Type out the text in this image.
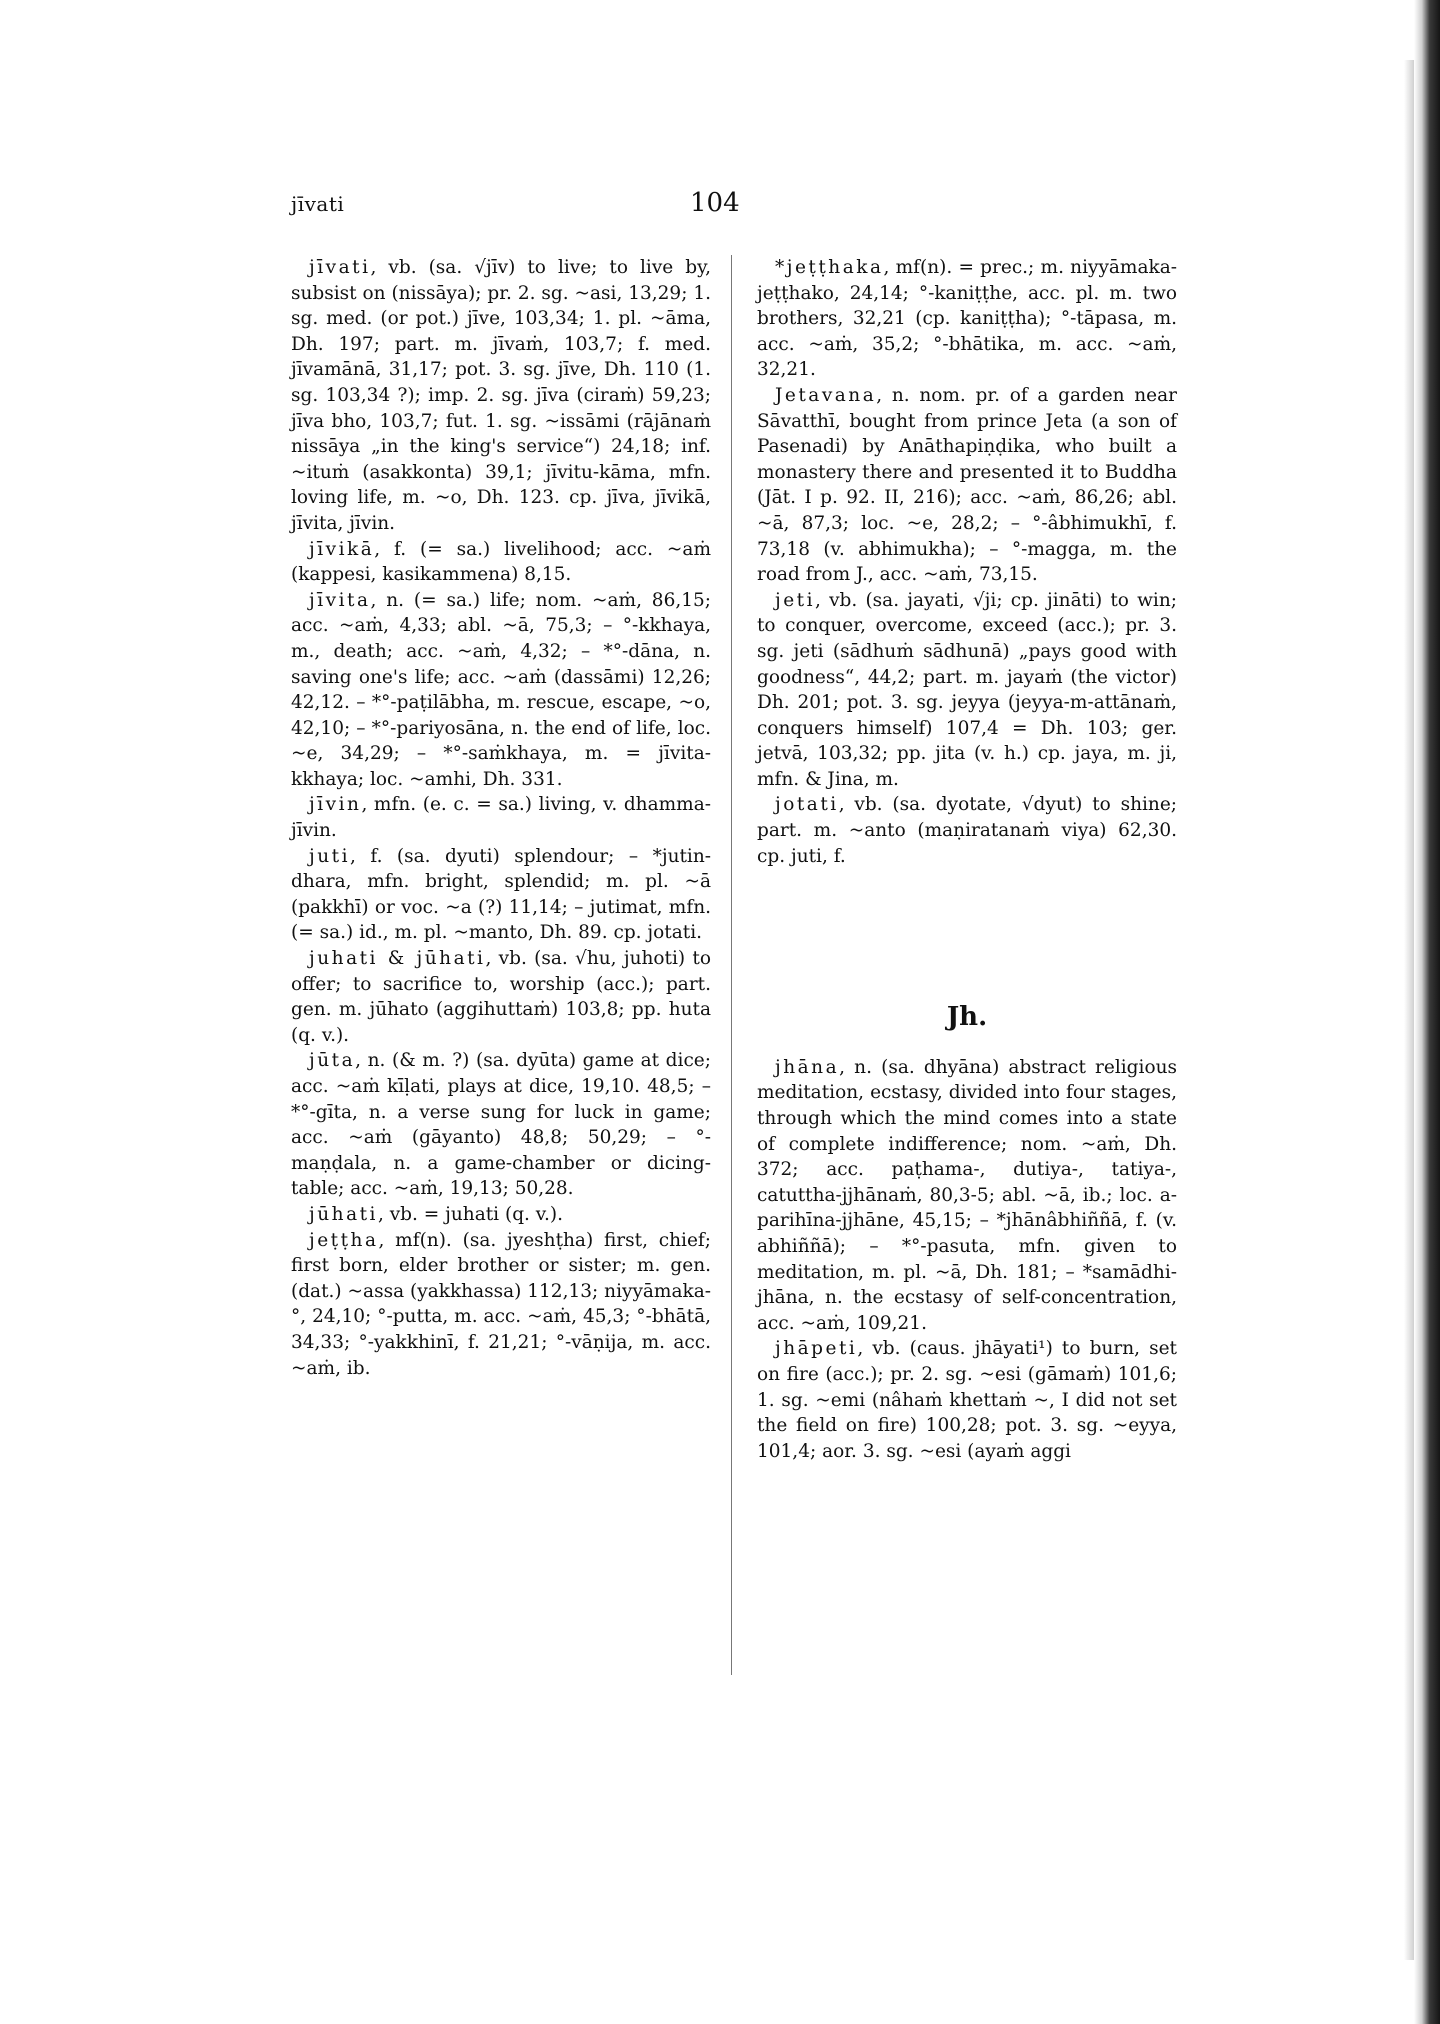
jīvati	104

jīvati, vb. (sa. √jīv) to live; to live by, subsist on (nissāya); pr. 2. sg. ~asi, 13,29; 1. sg. med. (or pot.) jīve, 103,34; 1. pl. ~āma, Dh. 197; part. m. jīvaṁ, 103,7; f. med. jīvamānā, 31,17; pot. 3. sg. jīve, Dh. 110 (1. sg. 103,34 ?); imp. 2. sg. jīva (ciraṁ) 59,23; jīva bho, 103,7; fut. 1. sg. ~issāmi (rājānaṁ nissāya „in the king's service“) 24,18; inf. ~ituṁ (asakkonta) 39,1; jīvitu-kāma, mfn. loving life, m. ~o, Dh. 123. cp. jīva, jīvikā, jīvita, jīvin.

jīvikā, f. (= sa.) livelihood; acc. ~aṁ (kappesi, kasikammena) 8,15.

jīvita, n. (= sa.) life; nom. ~aṁ, 86,15; acc. ~aṁ, 4,33; abl. ~ā, 75,3; – °-kkhaya, m., death; acc. ~aṁ, 4,32; – *°-dāna, n. saving one's life; acc. ~aṁ (dassāmi) 12,26; 42,12. – *°-paṭilābha, m. rescue, escape, ~o, 42,10; – *°-pariyosāna, n. the end of life, loc. ~e, 34,29; – *°-saṁkhaya, m. = jīvita-kkhaya; loc. ~amhi, Dh. 331.

jīvin, mfn. (e. c. = sa.) living, v. dhamma-jīvin.

juti, f. (sa. dyuti) splendour; – *jutin-dhara, mfn. bright, splendid; m. pl. ~ā (pakkhī) or voc. ~a (?) 11,14; – jutimat, mfn. (= sa.) id., m. pl. ~manto, Dh. 89. cp. jotati.

juhati & jūhati, vb. (sa. √hu, juhoti) to offer; to sacrifice to, worship (acc.); part. gen. m. jūhato (aggihuttaṁ) 103,8; pp. huta (q. v.).

jūta, n. (& m. ?) (sa. dyūta) game at dice; acc. ~aṁ kīḷati, plays at dice, 19,10. 48,5; – *°-gīta, n. a verse sung for luck in game; acc. ~aṁ (gāyanto) 48,8; 50,29; – °-maṇḍala, n. a game-chamber or dicing-table; acc. ~aṁ, 19,13; 50,28.

jūhati, vb. = juhati (q. v.).

jeṭṭha, mf(n). (sa. jyeshṭha) first, chief; first born, elder brother or sister; m. gen. (dat.) ~assa (yakkhassa) 112,13; niyyāmaka-°, 24,10; °-putta, m. acc. ~aṁ, 45,3; °-bhātā, 34,33; °-yakkhinī, f. 21,21; °-vāṇija, m. acc. ~aṁ, ib.

*jeṭṭhaka, mf(n). = prec.; m. niyyāmaka-jeṭṭhako, 24,14; °-kaniṭṭhe, acc. pl. m. two brothers, 32,21 (cp. kaniṭṭha); °-tāpasa, m. acc. ~aṁ, 35,2; °-bhātika, m. acc. ~aṁ, 32,21.

Jetavana, n. nom. pr. of a garden near Sāvatthī, bought from prince Jeta (a son of Pasenadi) by Anāthapiṇḍika, who built a monastery there and presented it to Buddha (Jāt. I p. 92. II, 216); acc. ~aṁ, 86,26; abl. ~ā, 87,3; loc. ~e, 28,2; – °-âbhimukhī, f. 73,18 (v. abhimukha); – °-magga, m. the road from J., acc. ~aṁ, 73,15.

jeti, vb. (sa. jayati, √ji; cp. jināti) to win; to conquer, overcome, exceed (acc.); pr. 3. sg. jeti (sādhuṁ sādhunā) „pays good with goodness“, 44,2; part. m. jayaṁ (the victor) Dh. 201; pot. 3. sg. jeyya (jeyya-m-attānaṁ, conquers himself) 107,4 = Dh. 103; ger. jetvā, 103,32; pp. jita (v. h.) cp. jaya, m. ji, mfn. & Jina, m.

jotati, vb. (sa. dyotate, √dyut) to shine; part. m. ~anto (maṇiratanaṁ viya) 62,30. cp. juti, f.

Jh.

jhāna, n. (sa. dhyāna) abstract religious meditation, ecstasy, divided into four stages, through which the mind comes into a state of complete indifference; nom. ~aṁ, Dh. 372; acc. paṭhama-, dutiya-, tatiya-, catuttha-jjhānaṁ, 80,3-5; abl. ~ā, ib.; loc. a-parihīna-jjhāne, 45,15; – *jhānâbhiññā, f. (v. abhiññā); – *°-pasuta, mfn. given to meditation, m. pl. ~ā, Dh. 181; – *samādhi-jhāna, n. the ecstasy of self-concentration, acc. ~aṁ, 109,21.

jhāpeti, vb. (caus. jhāyati¹) to burn, set on fire (acc.); pr. 2. sg. ~esi (gāmaṁ) 101,6; 1. sg. ~emi (nâhaṁ khettaṁ ~, I did not set the field on fire) 100,28; pot. 3. sg. ~eyya, 101,4; aor. 3. sg. ~esi (ayaṁ aggi
